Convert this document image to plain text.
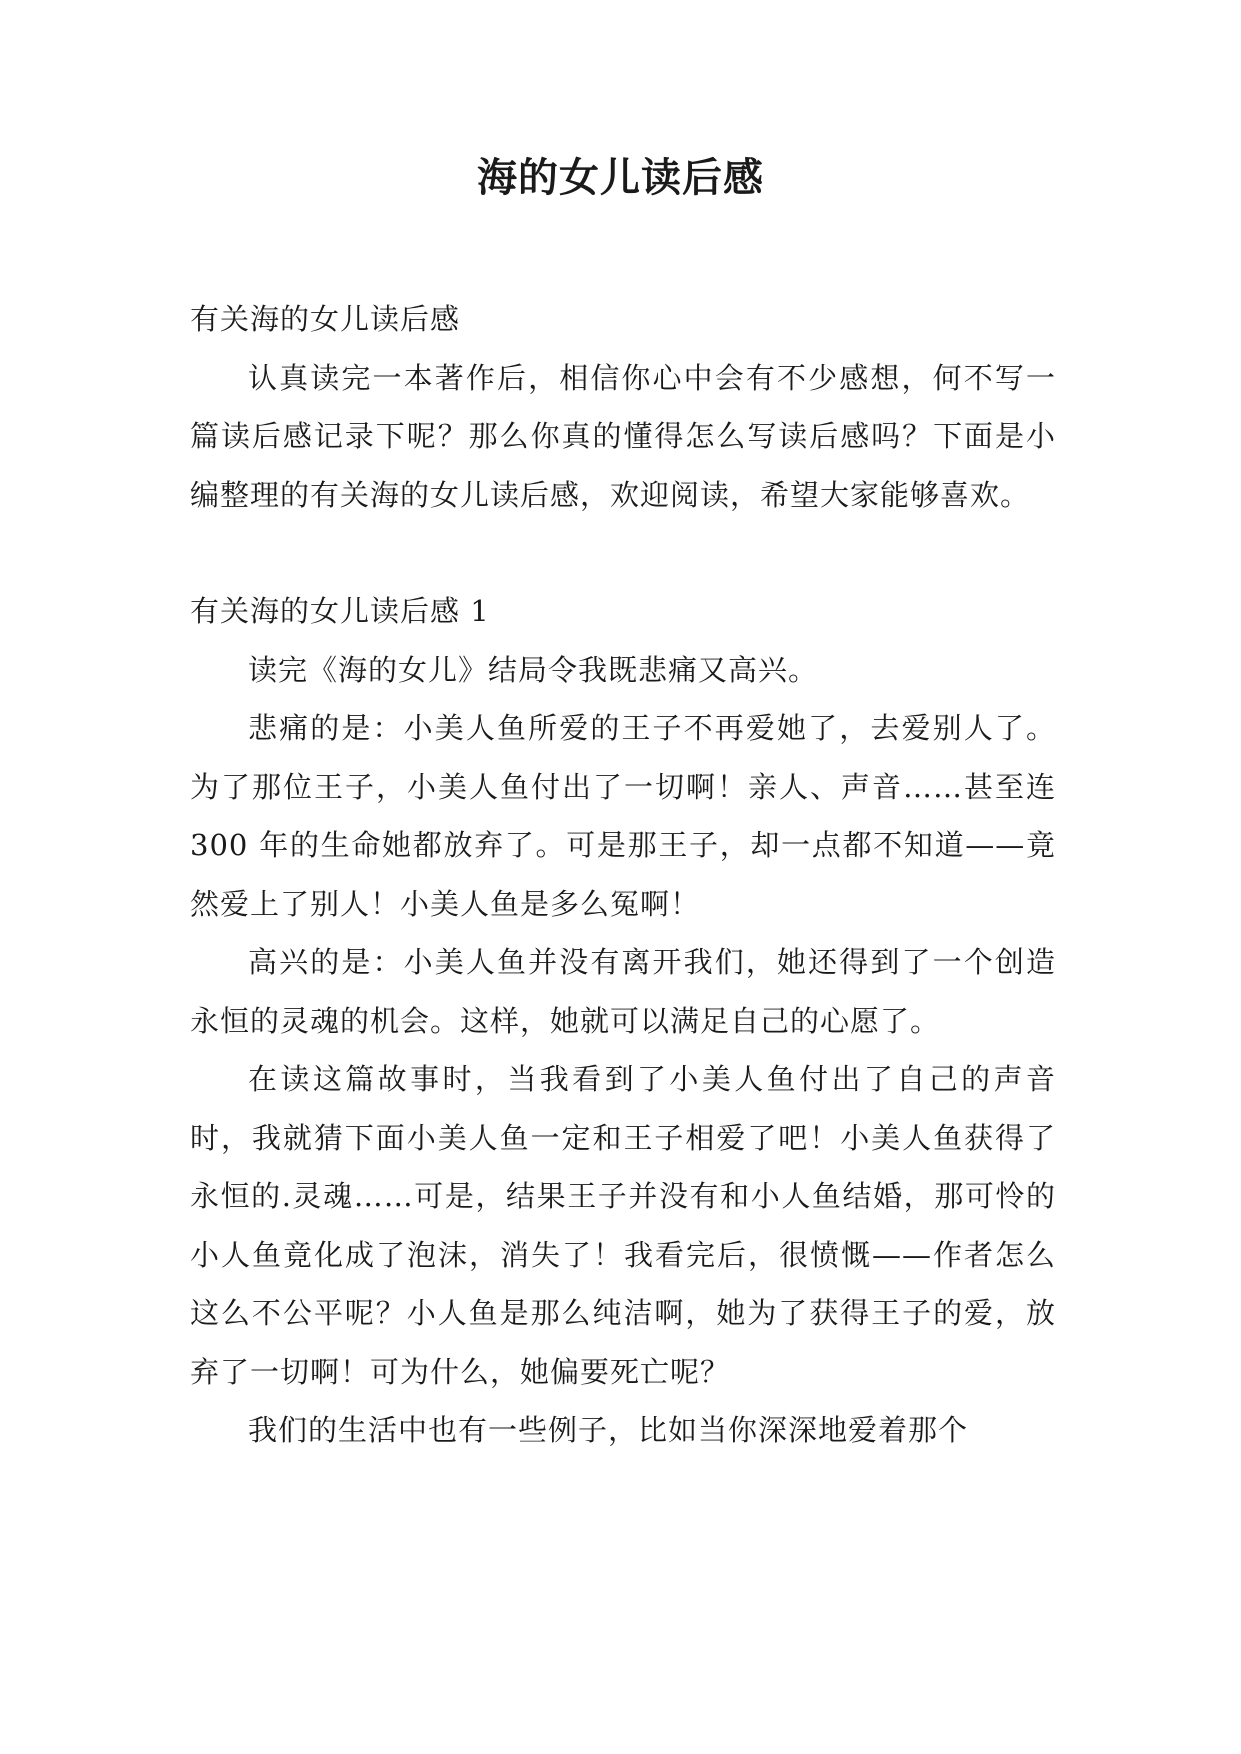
海的女儿读后感

有关海的女儿读后感

认真读完一本著作后，相信你心中会有不少感想，何不写一篇读后感记录下呢？那么你真的懂得怎么写读后感吗？下面是小编整理的有关海的女儿读后感，欢迎阅读，希望大家能够喜欢。

有关海的女儿读后感 1

读完《海的女儿》结局令我既悲痛又高兴。

悲痛的是：小美人鱼所爱的王子不再爱她了，去爱别人了。为了那位王子，小美人鱼付出了一切啊！亲人、声音……甚至连 300 年的生命她都放弃了。可是那王子，却一点都不知道——竟然爱上了别人！小美人鱼是多么冤啊！

高兴的是：小美人鱼并没有离开我们，她还得到了一个创造永恒的灵魂的机会。这样，她就可以满足自己的心愿了。

在读这篇故事时，当我看到了小美人鱼付出了自己的声音时，我就猜下面小美人鱼一定和王子相爱了吧！小美人鱼获得了永恒的.灵魂……可是，结果王子并没有和小人鱼结婚，那可怜的小人鱼竟化成了泡沫，消失了！我看完后，很愤慨——作者怎么这么不公平呢？小人鱼是那么纯洁啊，她为了获得王子的爱，放弃了一切啊！可为什么，她偏要死亡呢？

我们的生活中也有一些例子，比如当你深深地爱着那个
